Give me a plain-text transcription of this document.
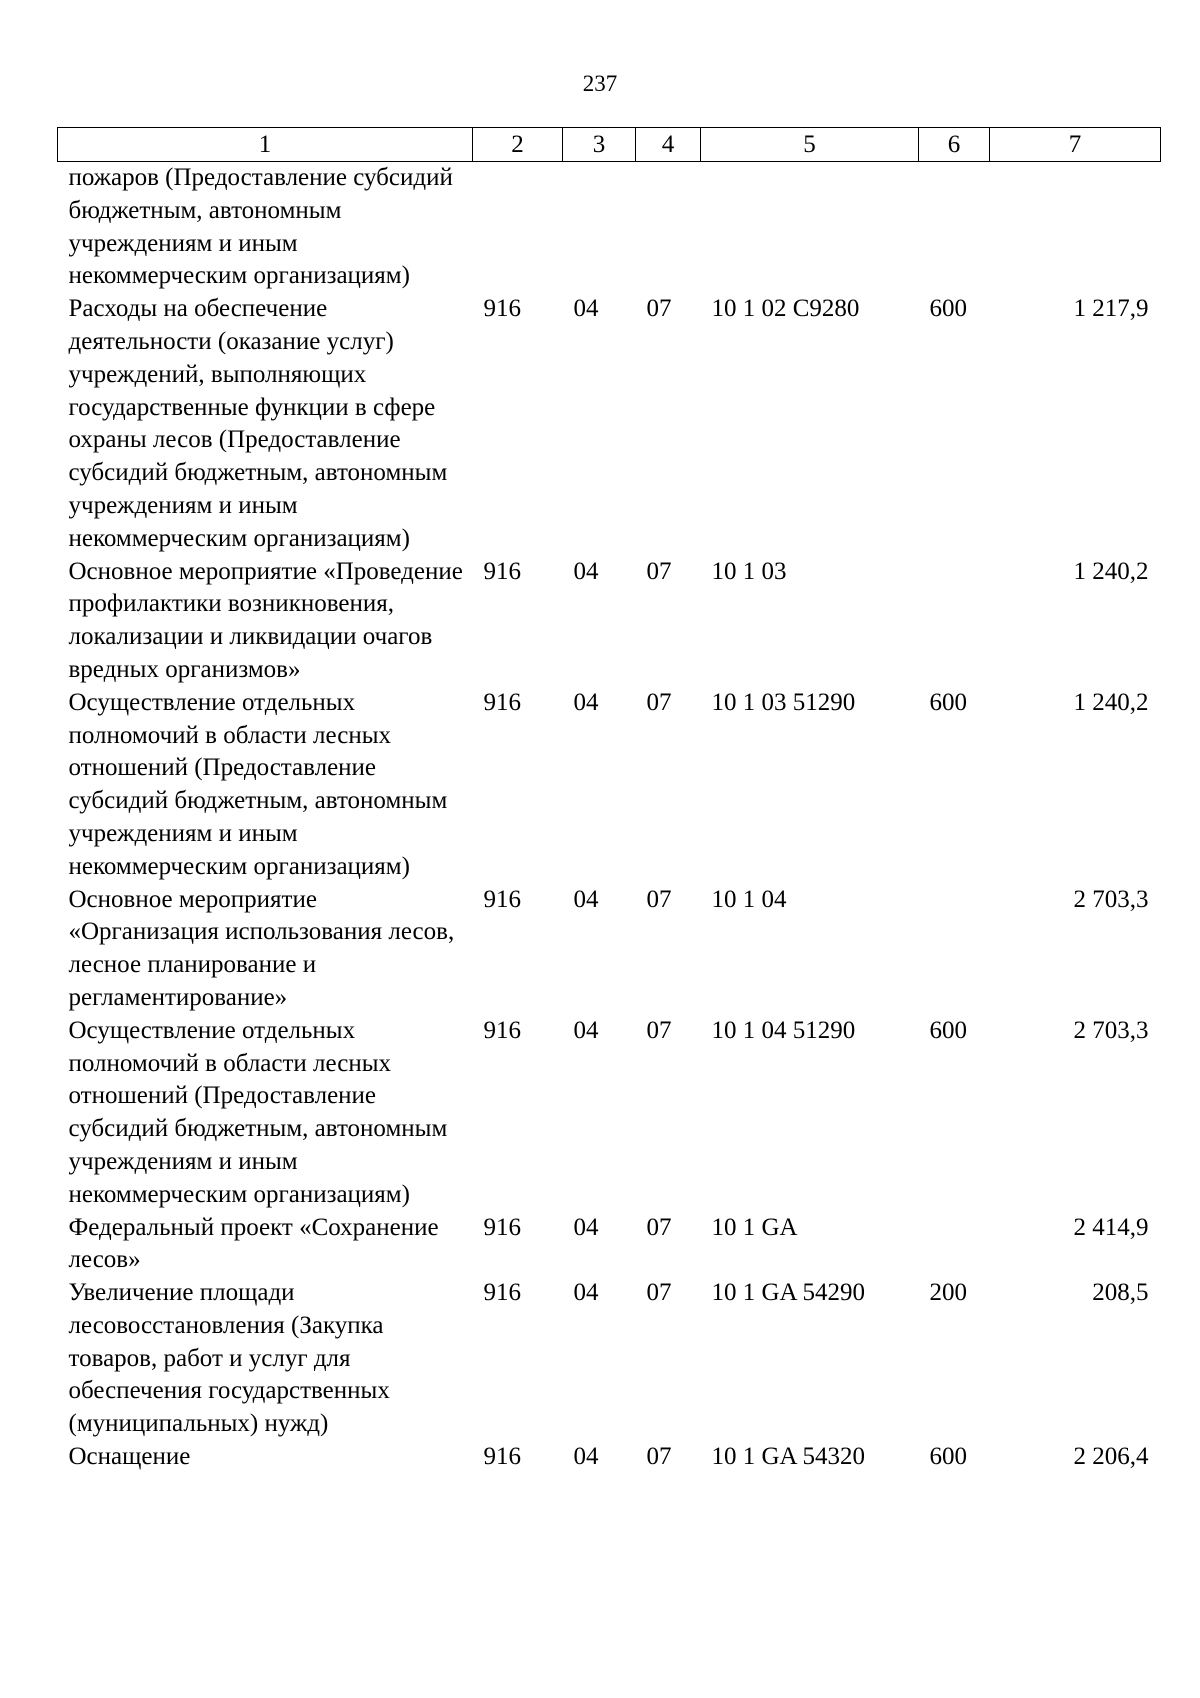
237
1	2	3	4	5	6	7
пожаров (Предоставление субсидий бюджетным, автономным учреждениям и иным некоммерческим организациям)						
Расходы на обеспечение деятельности (оказание услуг) учреждений, выполняющих государственные функции в сфере охраны лесов (Предоставление субсидий бюджетным, автономным учреждениям и иным некоммерческим организациям)	916	04	07	10 1 02 С9280	600	1 217,9
Основное мероприятие «Проведение профилактики возникновения, локализации и ликвидации очагов вредных организмов»	916	04	07	10 1 03		1 240,2
Осуществление отдельных полномочий в области лесных отношений (Предоставление субсидий бюджетным, автономным учреждениям и иным некоммерческим организациям)	916	04	07	10 1 03 51290	600	1 240,2
Основное мероприятие «Организация использования лесов, лесное планирование и регламентирование»	916	04	07	10 1 04		2 703,3
Осуществление отдельных полномочий в области лесных отношений (Предоставление субсидий бюджетным, автономным учреждениям и иным некоммерческим организациям)	916	04	07	10 1 04 51290	600	2 703,3
Федеральный проект «Сохранение лесов»	916	04	07	10 1 GA		2 414,9
Увеличение площади лесовосстановления (Закупка товаров, работ и услуг для обеспечения государственных (муниципальных) нужд)	916	04	07	10 1 GA 54290	200	208,5
Оснащение	916	04	07	10 1 GA 54320	600	2 206,4
